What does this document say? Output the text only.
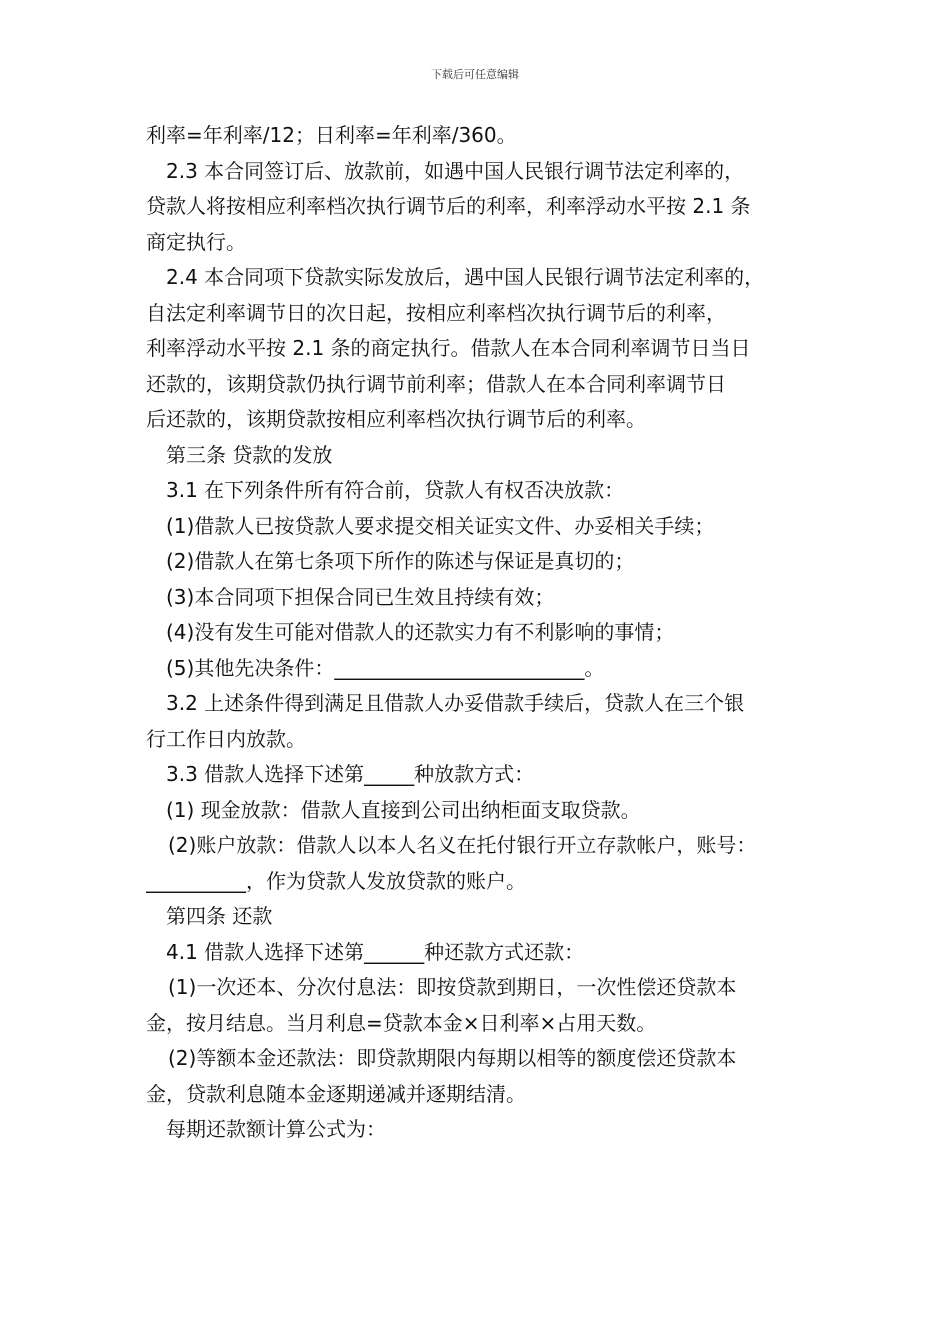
下载后可任意编辑
利率=年利率/12；日利率=年利率/360。
2.3 本合同签订后、放款前，如遇中国人民银行调节法定利率的，
贷款人将按相应利率档次执行调节后的利率，利率浮动水平按 2.1 条
商定执行。
2.4 本合同项下贷款实际发放后，遇中国人民银行调节法定利率的，
自法定利率调节日的次日起，按相应利率档次执行调节后的利率，
利率浮动水平按 2.1 条的商定执行。借款人在本合同利率调节日当日
还款的，该期贷款仍执行调节前利率；借款人在本合同利率调节日
后还款的，该期贷款按相应利率档次执行调节后的利率。
第三条 贷款的发放
3.1 在下列条件所有符合前，贷款人有权否决放款：
(1)借款人已按贷款人要求提交相关证实文件、办妥相关手续；
(2)借款人在第七条项下所作的陈述与保证是真切的；
(3)本合同项下担保合同已生效且持续有效；
(4)没有发生可能对借款人的还款实力有不利影响的事情；
(5)其他先决条件：_________________________。
3.2 上述条件得到满足且借款人办妥借款手续后，贷款人在三个银
行工作日内放款。
3.3 借款人选择下述第_____种放款方式：
(1) 现金放款：借款人直接到公司出纳柜面支取贷款。
(2)账户放款：借款人以本人名义在托付银行开立存款帐户，账号：
__________，作为贷款人发放贷款的账户。
第四条 还款
4.1 借款人选择下述第______种还款方式还款：
(1)一次还本、分次付息法：即按贷款到期日，一次性偿还贷款本
金，按月结息。当月利息=贷款本金×日利率×占用天数。
(2)等额本金还款法：即贷款期限内每期以相等的额度偿还贷款本
金，贷款利息随本金逐期递减并逐期结清。
每期还款额计算公式为：
